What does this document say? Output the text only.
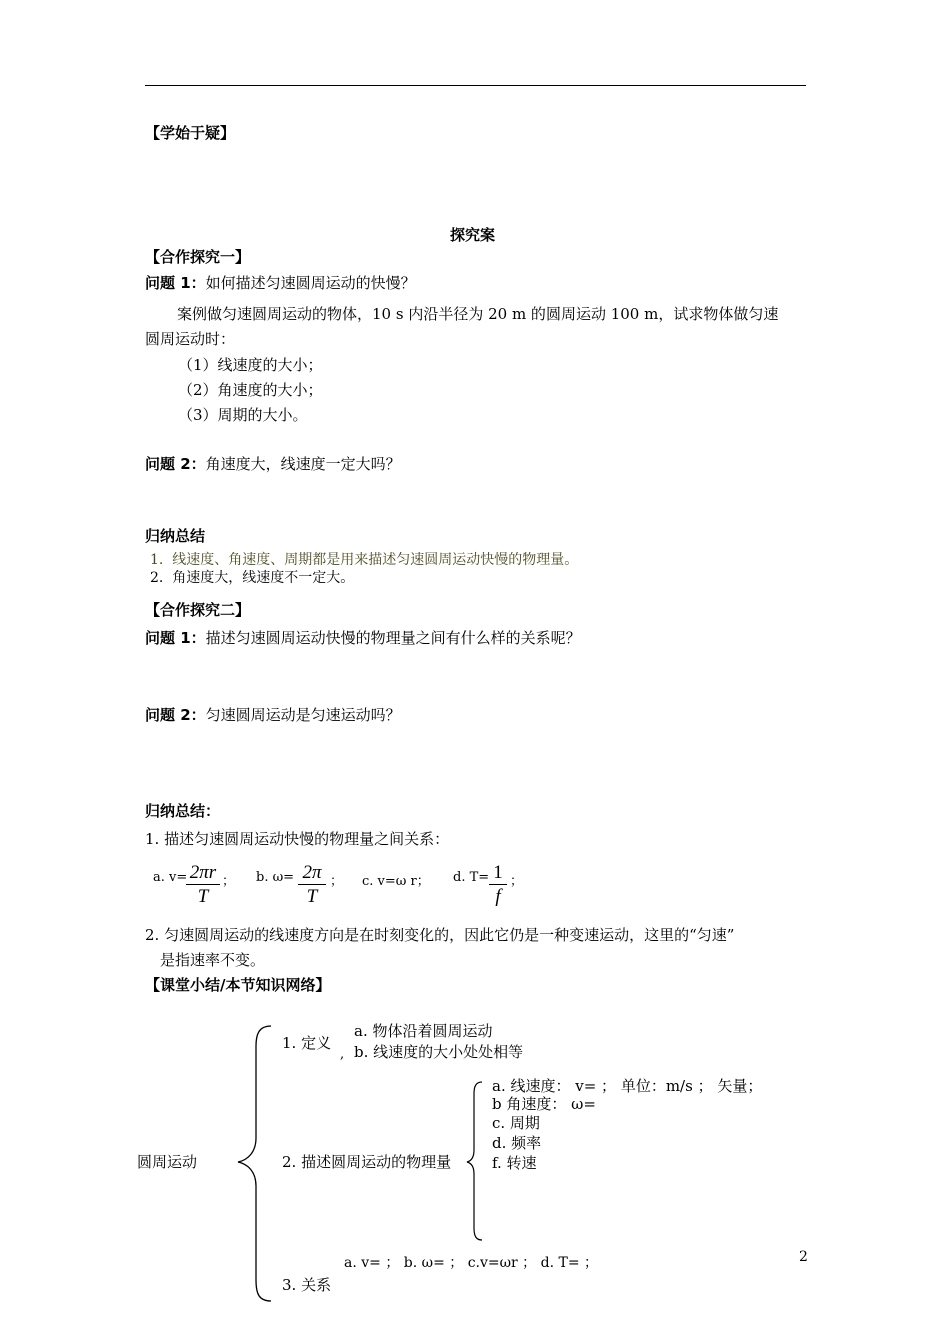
【学始于疑】
探究案
【合作探究一】
问题 1：如何描述匀速圆周运动的快慢？
案例做匀速圆周运动的物体，10 s 内沿半径为 20 m 的圆周运动 100 m，试求物体做匀速
圆周运动时：
（1）线速度的大小；
（2）角速度的大小；
（3）周期的大小。
问题 2：角速度大，线速度一定大吗？
归纳总结
1. 线速度、角速度、周期都是用来描述匀速圆周运动快慢的物理量。
2. 角速度大，线速度不一定大。
【合作探究二】
问题 1：描述匀速圆周运动快慢的物理量之间有什么样的关系呢？
问题 2：匀速圆周运动是匀速运动吗？
归纳总结：
1. 描述匀速圆周运动快慢的物理量之间关系：
a. v=
$\frac{2\pi r}{T}$ ； b. $\omega= \frac{2\pi}{T}$ ； c. v=ω r； d. $T= \frac{1}{f}$ ；
2. 匀速圆周运动的线速度方向是在时刻变化的，因此它仍是一种变速运动，这里的“匀速”
是指速率不变。
【课堂小结/本节知识网络】
圆周运动
1. 定义
a. 物体沿着圆周运动
b. 线速度的大小处处相等
,
2. 描述圆周运动的物理量
a. 线速度： v= ； 单位：m/s ； 矢量；
b 角速度： ω=
c. 周期
d. 频率
f. 转速
a. v= ； b. ω= ； c.v=ωr ； d. T= ；
3. 关系
2
